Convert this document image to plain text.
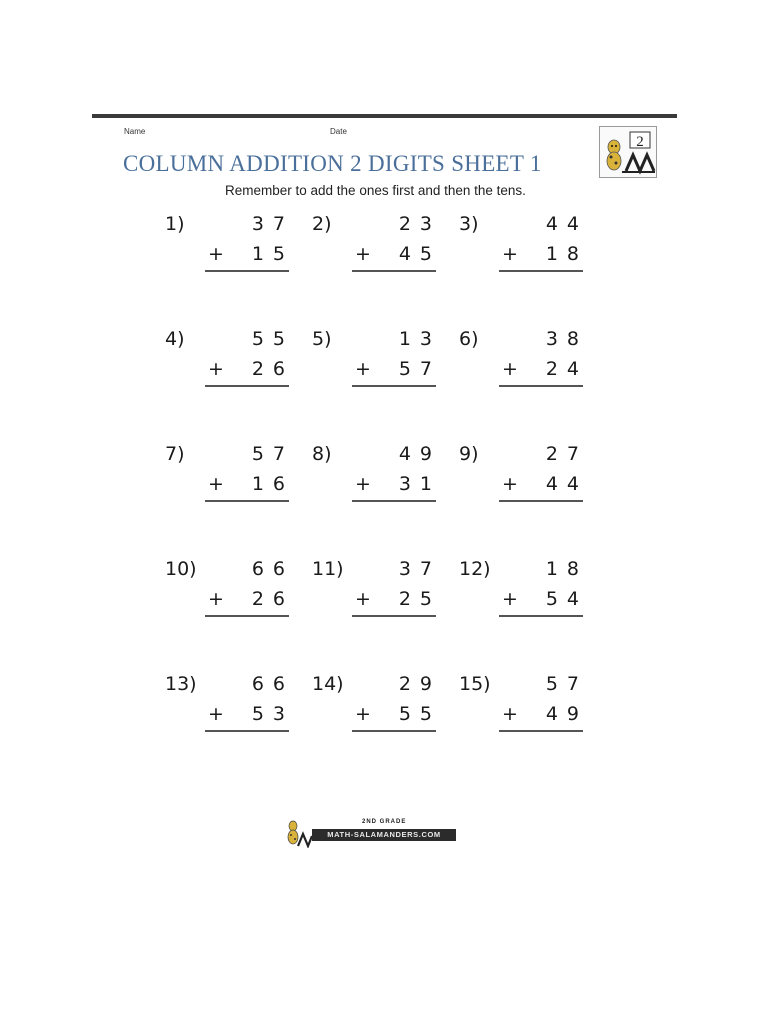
Name	Date
2
COLUMN ADDITION 2 DIGITS SHEET 1
Remember to add the ones first and then the tens.
1)	37
+ 15
2)	23
+ 45
3)	44
+ 18
4)	55
+ 26
5)	13
+ 57
6)	38
+ 24
7)	57
+ 16
8)	49
+ 31
9)	27
+ 44
10)	66
+ 26
11)	37
+ 25
12)	18
+ 54
13)	66
+ 53
14)	29
+ 55
15)	57
+ 49
2ND GRADE
MATH-SALAMANDERS.COM
